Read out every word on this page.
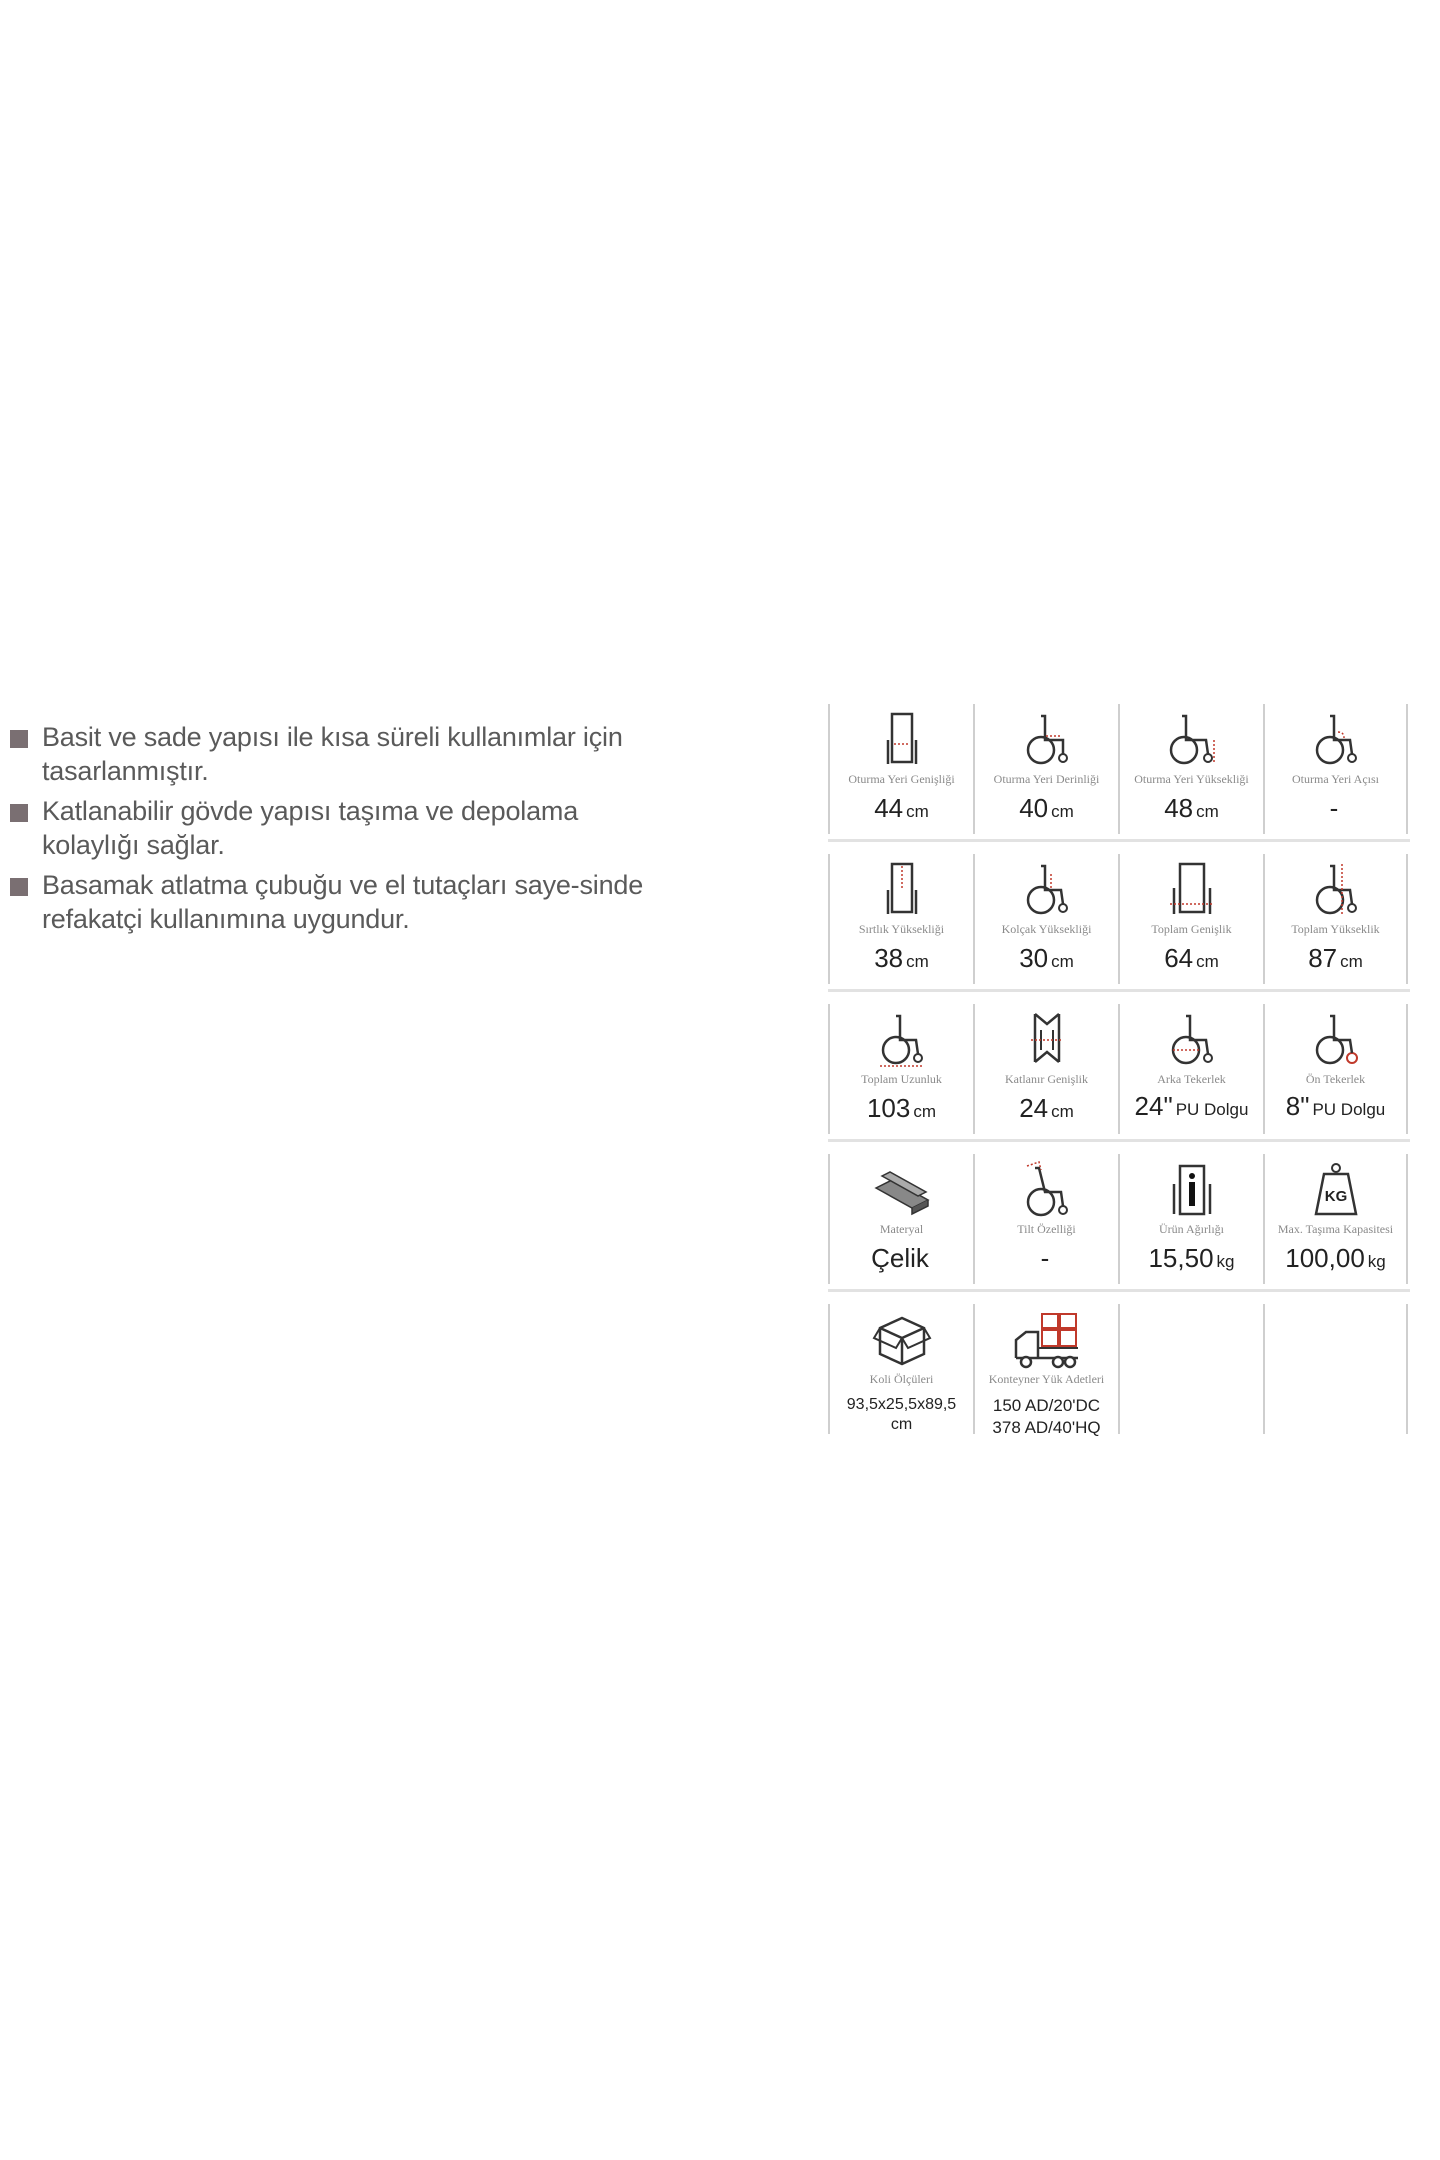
Basit ve sade yapısı ile kısa süreli kullanımlar için tasarlanmıştır.
Katlanabilir gövde yapısı taşıma ve depolama kolaylığı sağlar.
Basamak atlatma çubuğu ve el tutaçları saye-sinde refakatçi kullanımına uygundur.
Oturma Yeri Genişliği
44 cm
Oturma Yeri Derinliği
40 cm
Oturma Yeri Yüksekliği
48 cm
Oturma Yeri Açısı
-
Sırtlık Yüksekliği
38 cm
Kolçak Yüksekliği
30 cm
Toplam Genişlik
64 cm
Toplam Yükseklik
87 cm
Toplam Uzunluk
103 cm
Katlanır Genişlik
24 cm
Arka Tekerlek
24" PU Dolgu
Ön Tekerlek
8" PU Dolgu
Materyal
Çelik
Tilt Özelliği
-
Ürün Ağırlığı
15,50 kg
KG
Max. Taşıma Kapasitesi
100,00 kg
Koli Ölçüleri
93,5x25,5x89,5
cm
Konteyner Yük Adetleri
150 AD/20'DC
378 AD/40'HQ
